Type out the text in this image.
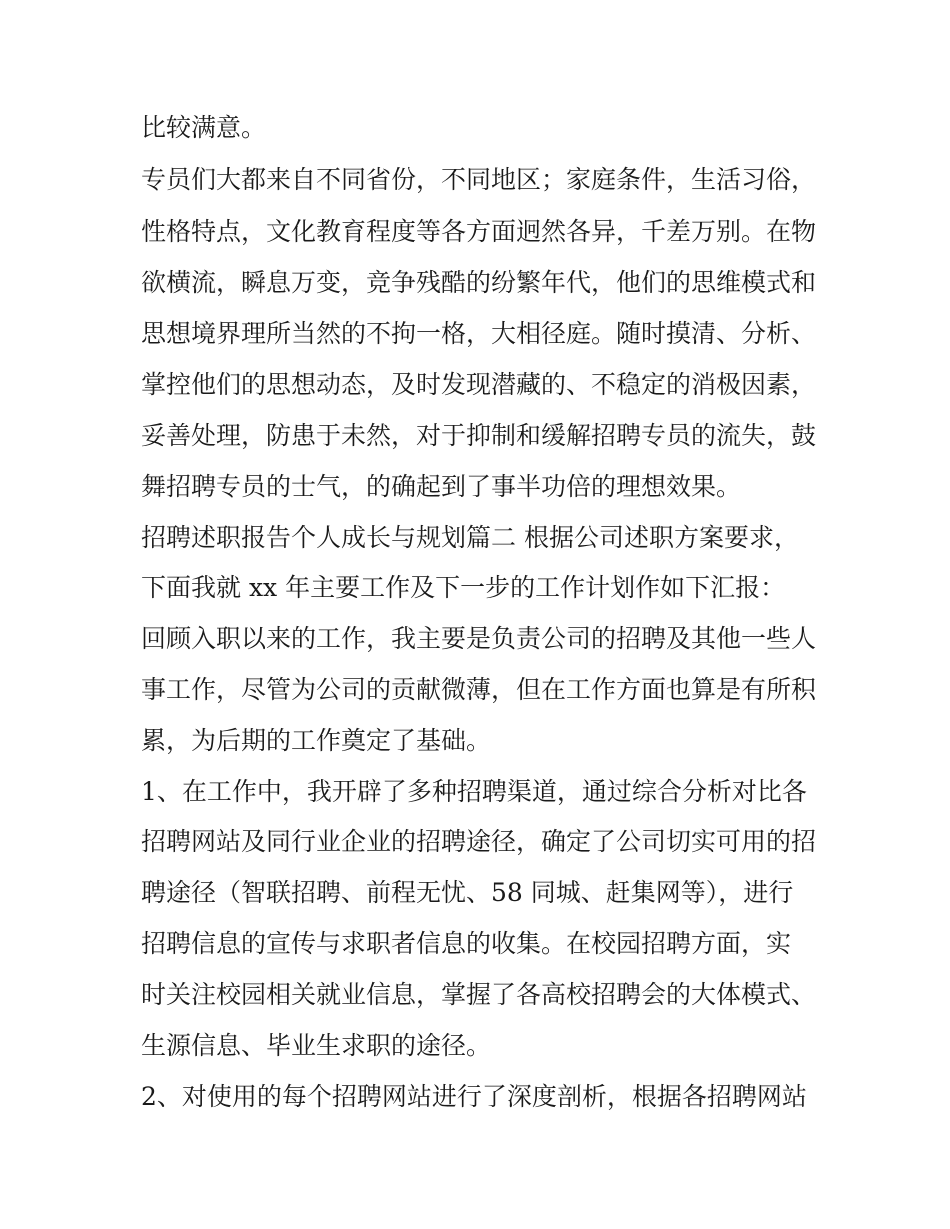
比较满意。
专员们大都来自不同省份，不同地区；家庭条件，生活习俗，
性格特点，文化教育程度等各方面迥然各异，千差万别。在物
欲横流，瞬息万变，竞争残酷的纷繁年代，他们的思维模式和
思想境界理所当然的不拘一格，大相径庭。随时摸清、分析、
掌控他们的思想动态，及时发现潜藏的、不稳定的消极因素，
妥善处理，防患于未然，对于抑制和缓解招聘专员的流失，鼓
舞招聘专员的士气，的确起到了事半功倍的理想效果。
招聘述职报告个人成长与规划篇二 根据公司述职方案要求，
下面我就 xx 年主要工作及下一步的工作计划作如下汇报：
回顾入职以来的工作，我主要是负责公司的招聘及其他一些人
事工作，尽管为公司的贡献微薄，但在工作方面也算是有所积
累，为后期的工作奠定了基础。
1、在工作中，我开辟了多种招聘渠道，通过综合分析对比各
招聘网站及同行业企业的招聘途径，确定了公司切实可用的招
聘途径（智联招聘、前程无忧、58 同城、赶集网等），进行
招聘信息的宣传与求职者信息的收集。在校园招聘方面，实
时关注校园相关就业信息，掌握了各高校招聘会的大体模式、
生源信息、毕业生求职的途径。
2、对使用的每个招聘网站进行了深度剖析，根据各招聘网站
